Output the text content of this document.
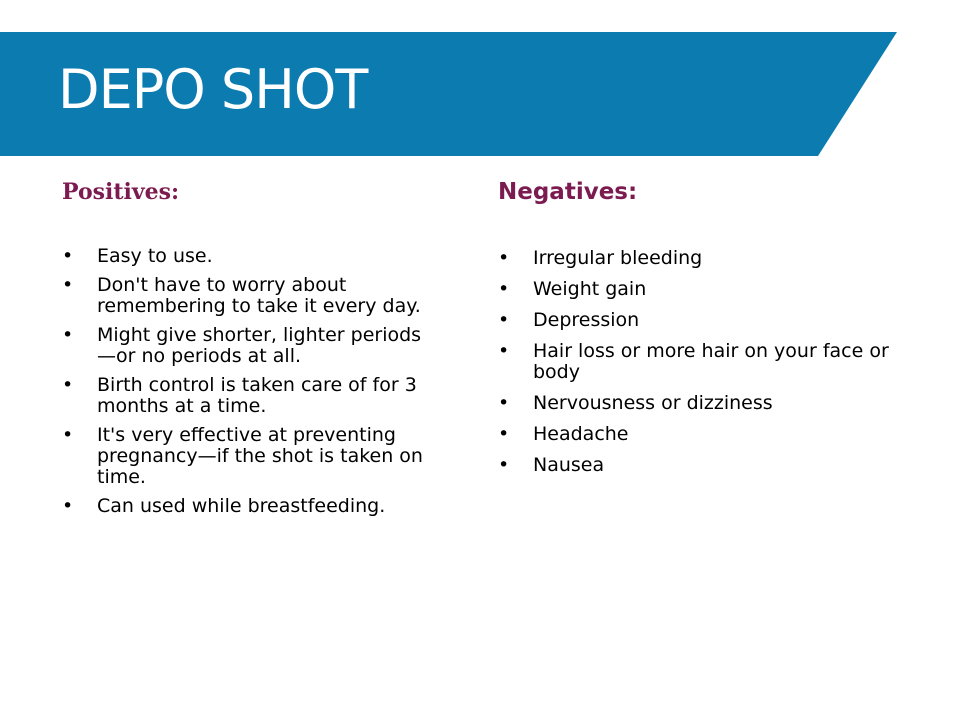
DEPO SHOT
Positives:
• Easy to use.
• Don't have to worry about remembering to take it every day.
• Might give shorter, lighter periods—or no periods at all.
• Birth control is taken care of for 3 months at a time.
• It's very effective at preventing pregnancy—if the shot is taken on time.
• Can used while breastfeeding.
Negatives:
• Irregular bleeding
• Weight gain
• Depression
• Hair loss or more hair on your face or body
• Nervousness or dizziness
• Headache
• Nausea
